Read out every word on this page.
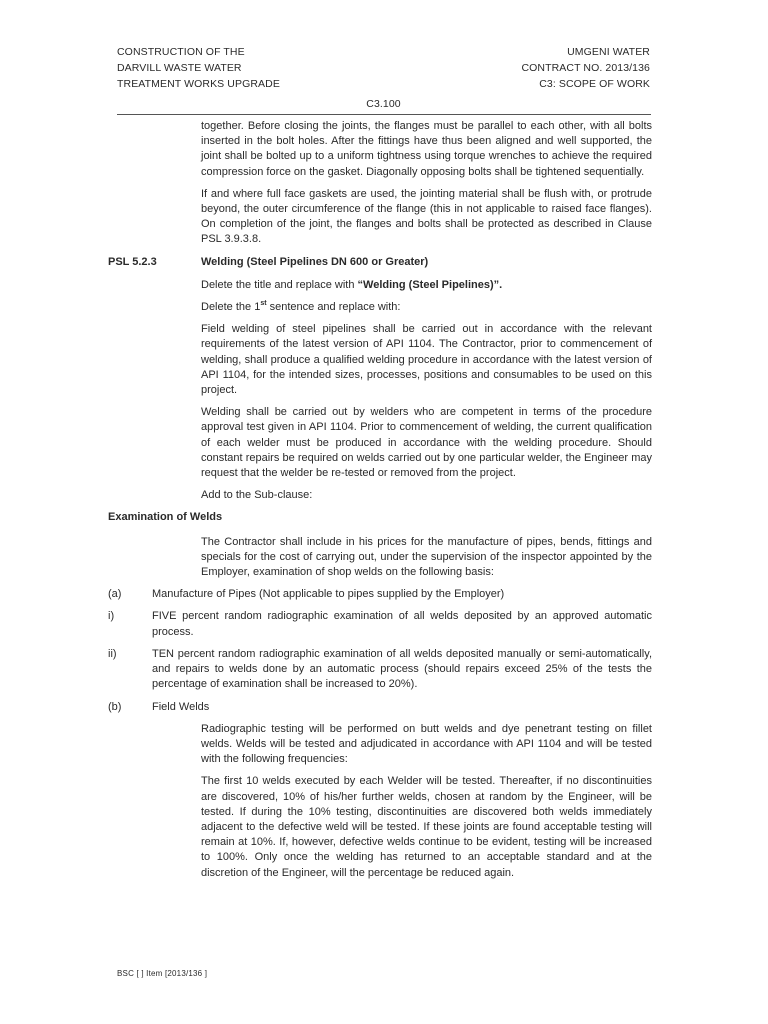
CONSTRUCTION OF THE	UMGENI WATER
DARVILL WASTE WATER	CONTRACT NO. 2013/136
TREATMENT WORKS UPGRADE	C3: SCOPE OF WORK
C3.100

together. Before closing the joints, the flanges must be parallel to each other, with all bolts inserted in the bolt holes. After the fittings have thus been aligned and well supported, the joint shall be bolted up to a uniform tightness using torque wrenches to achieve the required compression force on the gasket. Diagonally opposing bolts shall be tightened sequentially.

If and where full face gaskets are used, the jointing material shall be flush with, or protrude beyond, the outer circumference of the flange (this in not applicable to raised face flanges). On completion of the joint, the flanges and bolts shall be protected as described in Clause PSL 3.9.3.8.

PSL 5.2.3	Welding (Steel Pipelines DN 600 or Greater)

Delete the title and replace with “Welding (Steel Pipelines)”.

Delete the 1st sentence and replace with:

Field welding of steel pipelines shall be carried out in accordance with the relevant requirements of the latest version of API 1104. The Contractor, prior to commencement of welding, shall produce a qualified welding procedure in accordance with the latest version of API 1104, for the intended sizes, processes, positions and consumables to be used on this project.

Welding shall be carried out by welders who are competent in terms of the procedure approval test given in API 1104. Prior to commencement of welding, the current qualification of each welder must be produced in accordance with the welding procedure. Should constant repairs be required on welds carried out by one particular welder, the Engineer may request that the welder be re-tested or removed from the project.

Add to the Sub-clause:

Examination of Welds

The Contractor shall include in his prices for the manufacture of pipes, bends, fittings and specials for the cost of carrying out, under the supervision of the inspector appointed by the Employer, examination of shop welds on the following basis:

(a)	Manufacture of Pipes (Not applicable to pipes supplied by the Employer)
i)	FIVE percent random radiographic examination of all welds deposited by an approved automatic process.
ii)	TEN percent random radiographic examination of all welds deposited manually or semi-automatically, and repairs to welds done by an automatic process (should repairs exceed 25% of the tests the percentage of examination shall be increased to 20%).
(b)	Field Welds

Radiographic testing will be performed on butt welds and dye penetrant testing on fillet welds. Welds will be tested and adjudicated in accordance with API 1104 and will be tested with the following frequencies:

The first 10 welds executed by each Welder will be tested. Thereafter, if no discontinuities are discovered, 10% of his/her further welds, chosen at random by the Engineer, will be tested. If during the 10% testing, discontinuities are discovered both welds immediately adjacent to the defective weld will be tested. If these joints are found acceptable testing will remain at 10%. If, however, defective welds continue to be evident, testing will be increased to 100%. Only once the welding has returned to an acceptable standard and at the discretion of the Engineer, will the percentage be reduced again.

BSC [ ] Item [2013/136 ]
